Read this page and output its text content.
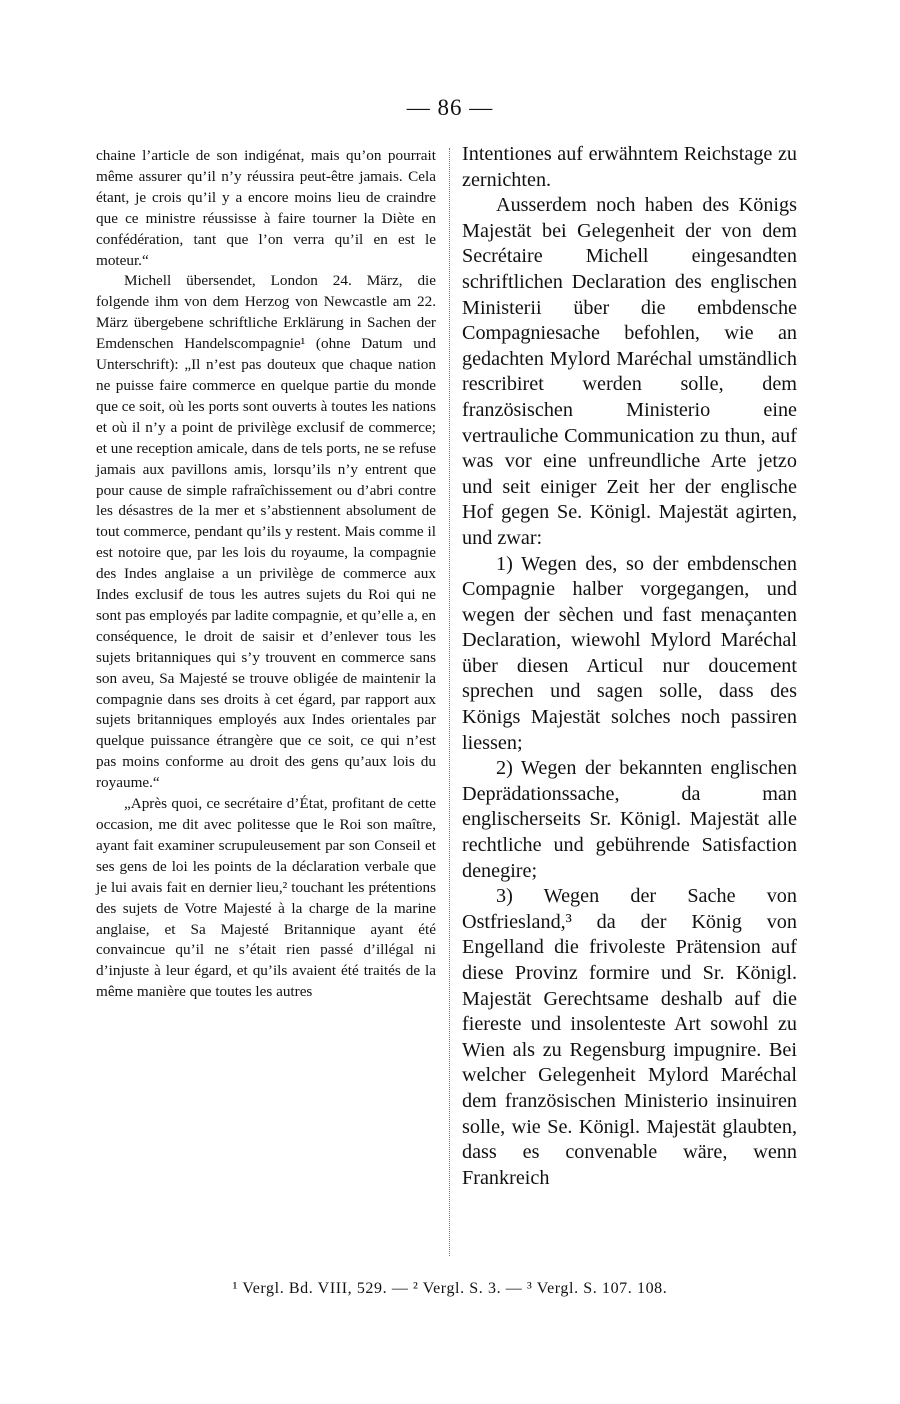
— 86 —

chaine l’article de son indigénat, mais qu’on pourrait même assurer qu’il n’y réussira peut-être jamais. Cela étant, je crois qu’il y a encore moins lieu de craindre que ce ministre réussisse à faire tourner la Diète en confédération, tant que l’on verra qu’il en est le moteur.“

Michell übersendet, London 24. März, die folgende ihm von dem Herzog von Newcastle am 22. März übergebene schriftliche Erklärung in Sachen der Emdenschen Handelscompagnie¹ (ohne Datum und Unterschrift): „Il n’est pas douteux que chaque nation ne puisse faire commerce en quelque partie du monde que ce soit, où les ports sont ouverts à toutes les nations et où il n’y a point de privilège exclusif de commerce; et une reception amicale, dans de tels ports, ne se refuse jamais aux pavillons amis, lorsqu’ils n’y entrent que pour cause de simple rafraîchissement ou d’abri contre les désastres de la mer et s’abstiennent absolument de tout commerce, pendant qu’ils y restent. Mais comme il est notoire que, par les lois du royaume, la compagnie des Indes anglaise a un privilège de commerce aux Indes exclusif de tous les autres sujets du Roi qui ne sont pas employés par ladite compagnie, et qu’elle a, en conséquence, le droit de saisir et d’enlever tous les sujets britanniques qui s’y trouvent en commerce sans son aveu, Sa Majesté se trouve obligée de maintenir la compagnie dans ses droits à cet égard, par rapport aux sujets britanniques employés aux Indes orientales par quelque puissance étrangère que ce soit, ce qui n’est pas moins conforme au droit des gens qu’aux lois du royaume.“

„Après quoi, ce secrétaire d’État, profitant de cette occasion, me dit avec politesse que le Roi son maître, ayant fait examiner scrupuleusement par son Conseil et ses gens de loi les points de la déclaration verbale que je lui avais fait en dernier lieu,² touchant les prétentions des sujets de Votre Majesté à la charge de la marine anglaise, et Sa Majesté Britannique ayant été convaincue qu’il ne s’était rien passé d’illégal ni d’injuste à leur égard, et qu’ils avaient été traités de la même manière que toutes les autres

Intentiones auf erwähntem Reichstage zu zernichten.

Ausserdem noch haben des Königs Majestät bei Gelegenheit der von dem Secrétaire Michell eingesandten schriftlichen Declaration des englischen Ministerii über die embdensche Compagniesache befohlen, wie an gedachten Mylord Maréchal umständlich rescribiret werden solle, dem französischen Ministerio eine vertrauliche Communication zu thun, auf was vor eine unfreundliche Arte jetzo und seit einiger Zeit her der englische Hof gegen Se. Königl. Majestät agirten, und zwar:

1) Wegen des, so der embdenschen Compagnie halber vorgegangen, und wegen der sèchen und fast menaçanten Declaration, wiewohl Mylord Maréchal über diesen Articul nur doucement sprechen und sagen solle, dass des Königs Majestät solches noch passiren liessen;

2) Wegen der bekannten englischen Deprädationssache, da man englischerseits Sr. Königl. Majestät alle rechtliche und gebührende Satisfaction denegire;

3) Wegen der Sache von Ostfriesland,³ da der König von Engelland die frivoleste Prätension auf diese Provinz formire und Sr. Königl. Majestät Gerechtsame deshalb auf die fiereste und insolenteste Art sowohl zu Wien als zu Regensburg impugnire. Bei welcher Gelegenheit Mylord Maréchal dem französischen Ministerio insinuiren solle, wie Se. Königl. Majestät glaubten, dass es convenable wäre, wenn Frankreich

¹ Vergl. Bd. VIII, 529. — ² Vergl. S. 3. — ³ Vergl. S. 107. 108.
